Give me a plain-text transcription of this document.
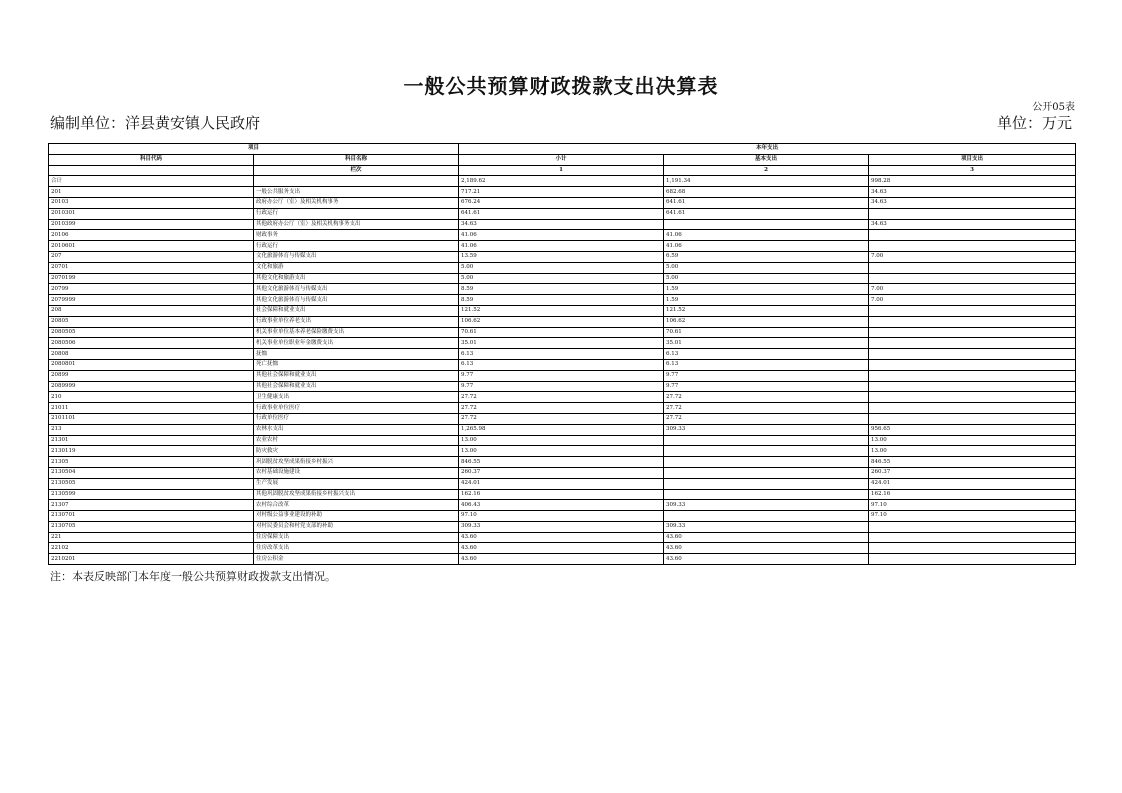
一般公共预算财政拨款支出决算表
公开05表
编制单位：洋县黄安镇人民政府	单位：万元
项目		本年支出		
科目代码	科目名称	小计	基本支出	项目支出
	栏次	1	2	3
合计		2,189.62	1,191.34	998.28
201	一般公共服务支出	717.21	682.68	34.63
20103	政府办公厅（室）及相关机构事务	676.24	641.61	34.63
2010301	行政运行	641.61	641.61	
2010399	其他政府办公厅（室）及相关机构事务支出	34.63		34.63
20106	财政事务	41.06	41.06	
2010601	行政运行	41.06	41.06	
207	文化旅游体育与传媒支出	13.59	6.59	7.00
20701	文化和旅游	5.00	5.00	
2070199	其他文化和旅游支出	5.00	5.00	
20799	其他文化旅游体育与传媒支出	8.59	1.59	7.00
2079999	其他文化旅游体育与传媒支出	8.59	1.59	7.00
208	社会保障和就业支出	121.52	121.52	
20805	行政事业单位养老支出	106.62	106.62	
2080505	机关事业单位基本养老保险缴费支出	70.61	70.61	
2080506	机关事业单位职业年金缴费支出	35.01	35.01	
20808	抚恤	6.13	6.13	
2080801	死亡抚恤	6.13	6.13	
20899	其他社会保障和就业支出	9.77	9.77	
2089999	其他社会保障和就业支出	9.77	9.77	
210	卫生健康支出	27.72	27.72	
21011	行政事业单位医疗	27.72	27.72	
2101101	行政单位医疗	27.72	27.72	
213	农林水支出	1,265.98	309.33	956.65
21301	农业农村	13.00		13.00
2130119	防灾救灾	13.00		13.00
21305	巩固脱贫攻坚成果衔接乡村振兴	846.55		846.55
2130504	农村基础设施建设	260.37		260.37
2130505	生产发展	424.01		424.01
2130599	其他巩固脱贫攻坚成果衔接乡村振兴支出	162.16		162.16
21307	农村综合改革	406.43	309.33	97.10
2130701	对村级公益事业建设的补助	97.10		97.10
2130705	对村民委员会和村党支部的补助	309.33	309.33	
221	住房保障支出	43.60	43.60	
22102	住房改革支出	43.60	43.60	
2210201	住房公积金	43.60	43.60	
注：本表反映部门本年度一般公共预算财政拨款支出情况。
